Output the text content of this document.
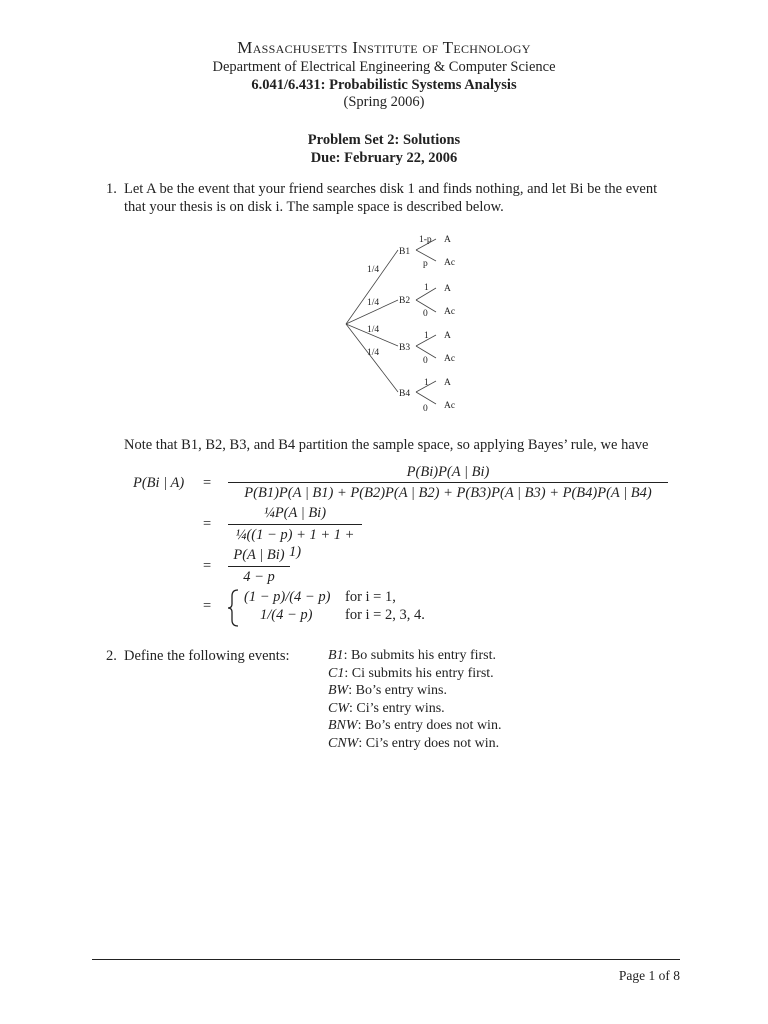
Massachusetts Institute of Technology
Department of Electrical Engineering & Computer Science
6.041/6.431: Probabilistic Systems Analysis
(Spring 2006)
Problem Set 2: Solutions
Due: February 22, 2006
1. Let A be the event that your friend searches disk 1 and finds nothing, and let Bi be the event
that your thesis is on disk i. The sample space is described below.
1/4
1/4
1/4
1/4
B1
B2
B3
B4
1-p
p
1
0
1
0
1
0
A
Ac
A
Ac
A
Ac
A
Ac
Note that B1, B2, B3, and B4 partition the sample space, so applying Bayes’ rule, we have
P(Bi | A) =
P(Bi)P(A | Bi)
P(B1)P(A | B1) + P(B2)P(A | B2) + P(B3)P(A | B3) + P(B4)P(A | B4)
=
¼P(A | Bi)
¼((1 − p) + 1 + 1 + 1)
=
P(A | Bi)
4 − p
=
(1 − p)/(4 − p) for i = 1,
1/(4 − p) for i = 2, 3, 4.
2. Define the following events:	B1: Bo submits his entry first.
C1: Ci submits his entry first.
BW: Bo’s entry wins.
CW: Ci’s entry wins.
BNW: Bo’s entry does not win.
CNW: Ci’s entry does not win.
Page 1 of 8
